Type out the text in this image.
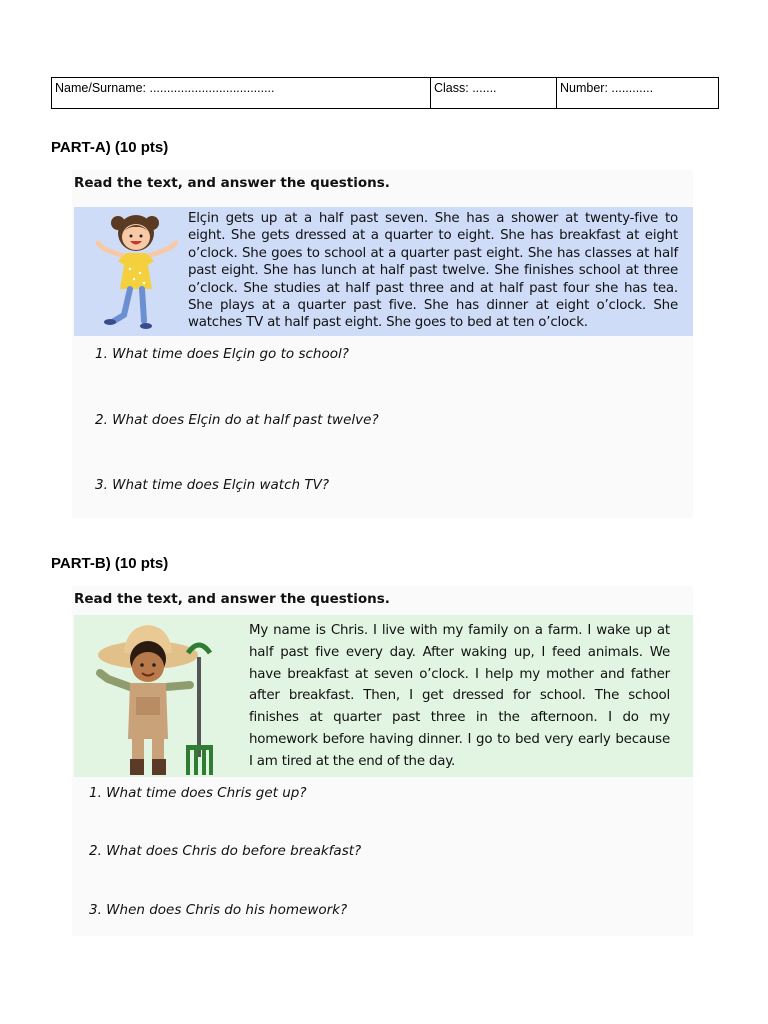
Name/Surname: ....................................	Class: .......	Number: ............
PART-A) (10 pts)
Read the text, and answer the questions.
Elçin gets up at a half past seven. She has a shower at twenty-five to eight. She gets dressed at a quarter to eight. She has breakfast at eight o’clock. She goes to school at a quarter past eight. She has classes at half past eight. She has lunch at half past twelve. She finishes school at three o’clock. She studies at half past three and at half past four she has tea. She plays at a quarter past five. She has dinner at eight o’clock. She watches TV at half past eight. She goes to bed at ten o’clock.
1. What time does Elçin go to school?
2. What does Elçin do at half past twelve?
3. What time does Elçin watch TV?
PART-B) (10 pts)
Read the text, and answer the questions.
My name is Chris. I live with my family on a farm. I wake up at half past five every day. After waking up, I feed animals. We have breakfast at seven o’clock. I help my mother and father after breakfast. Then, I get dressed for school. The school finishes at quarter past three in the afternoon. I do my homework before having dinner. I go to bed very early because I am tired at the end of the day.
1. What time does Chris get up?
2. What does Chris do before breakfast?
3. When does Chris do his homework?
